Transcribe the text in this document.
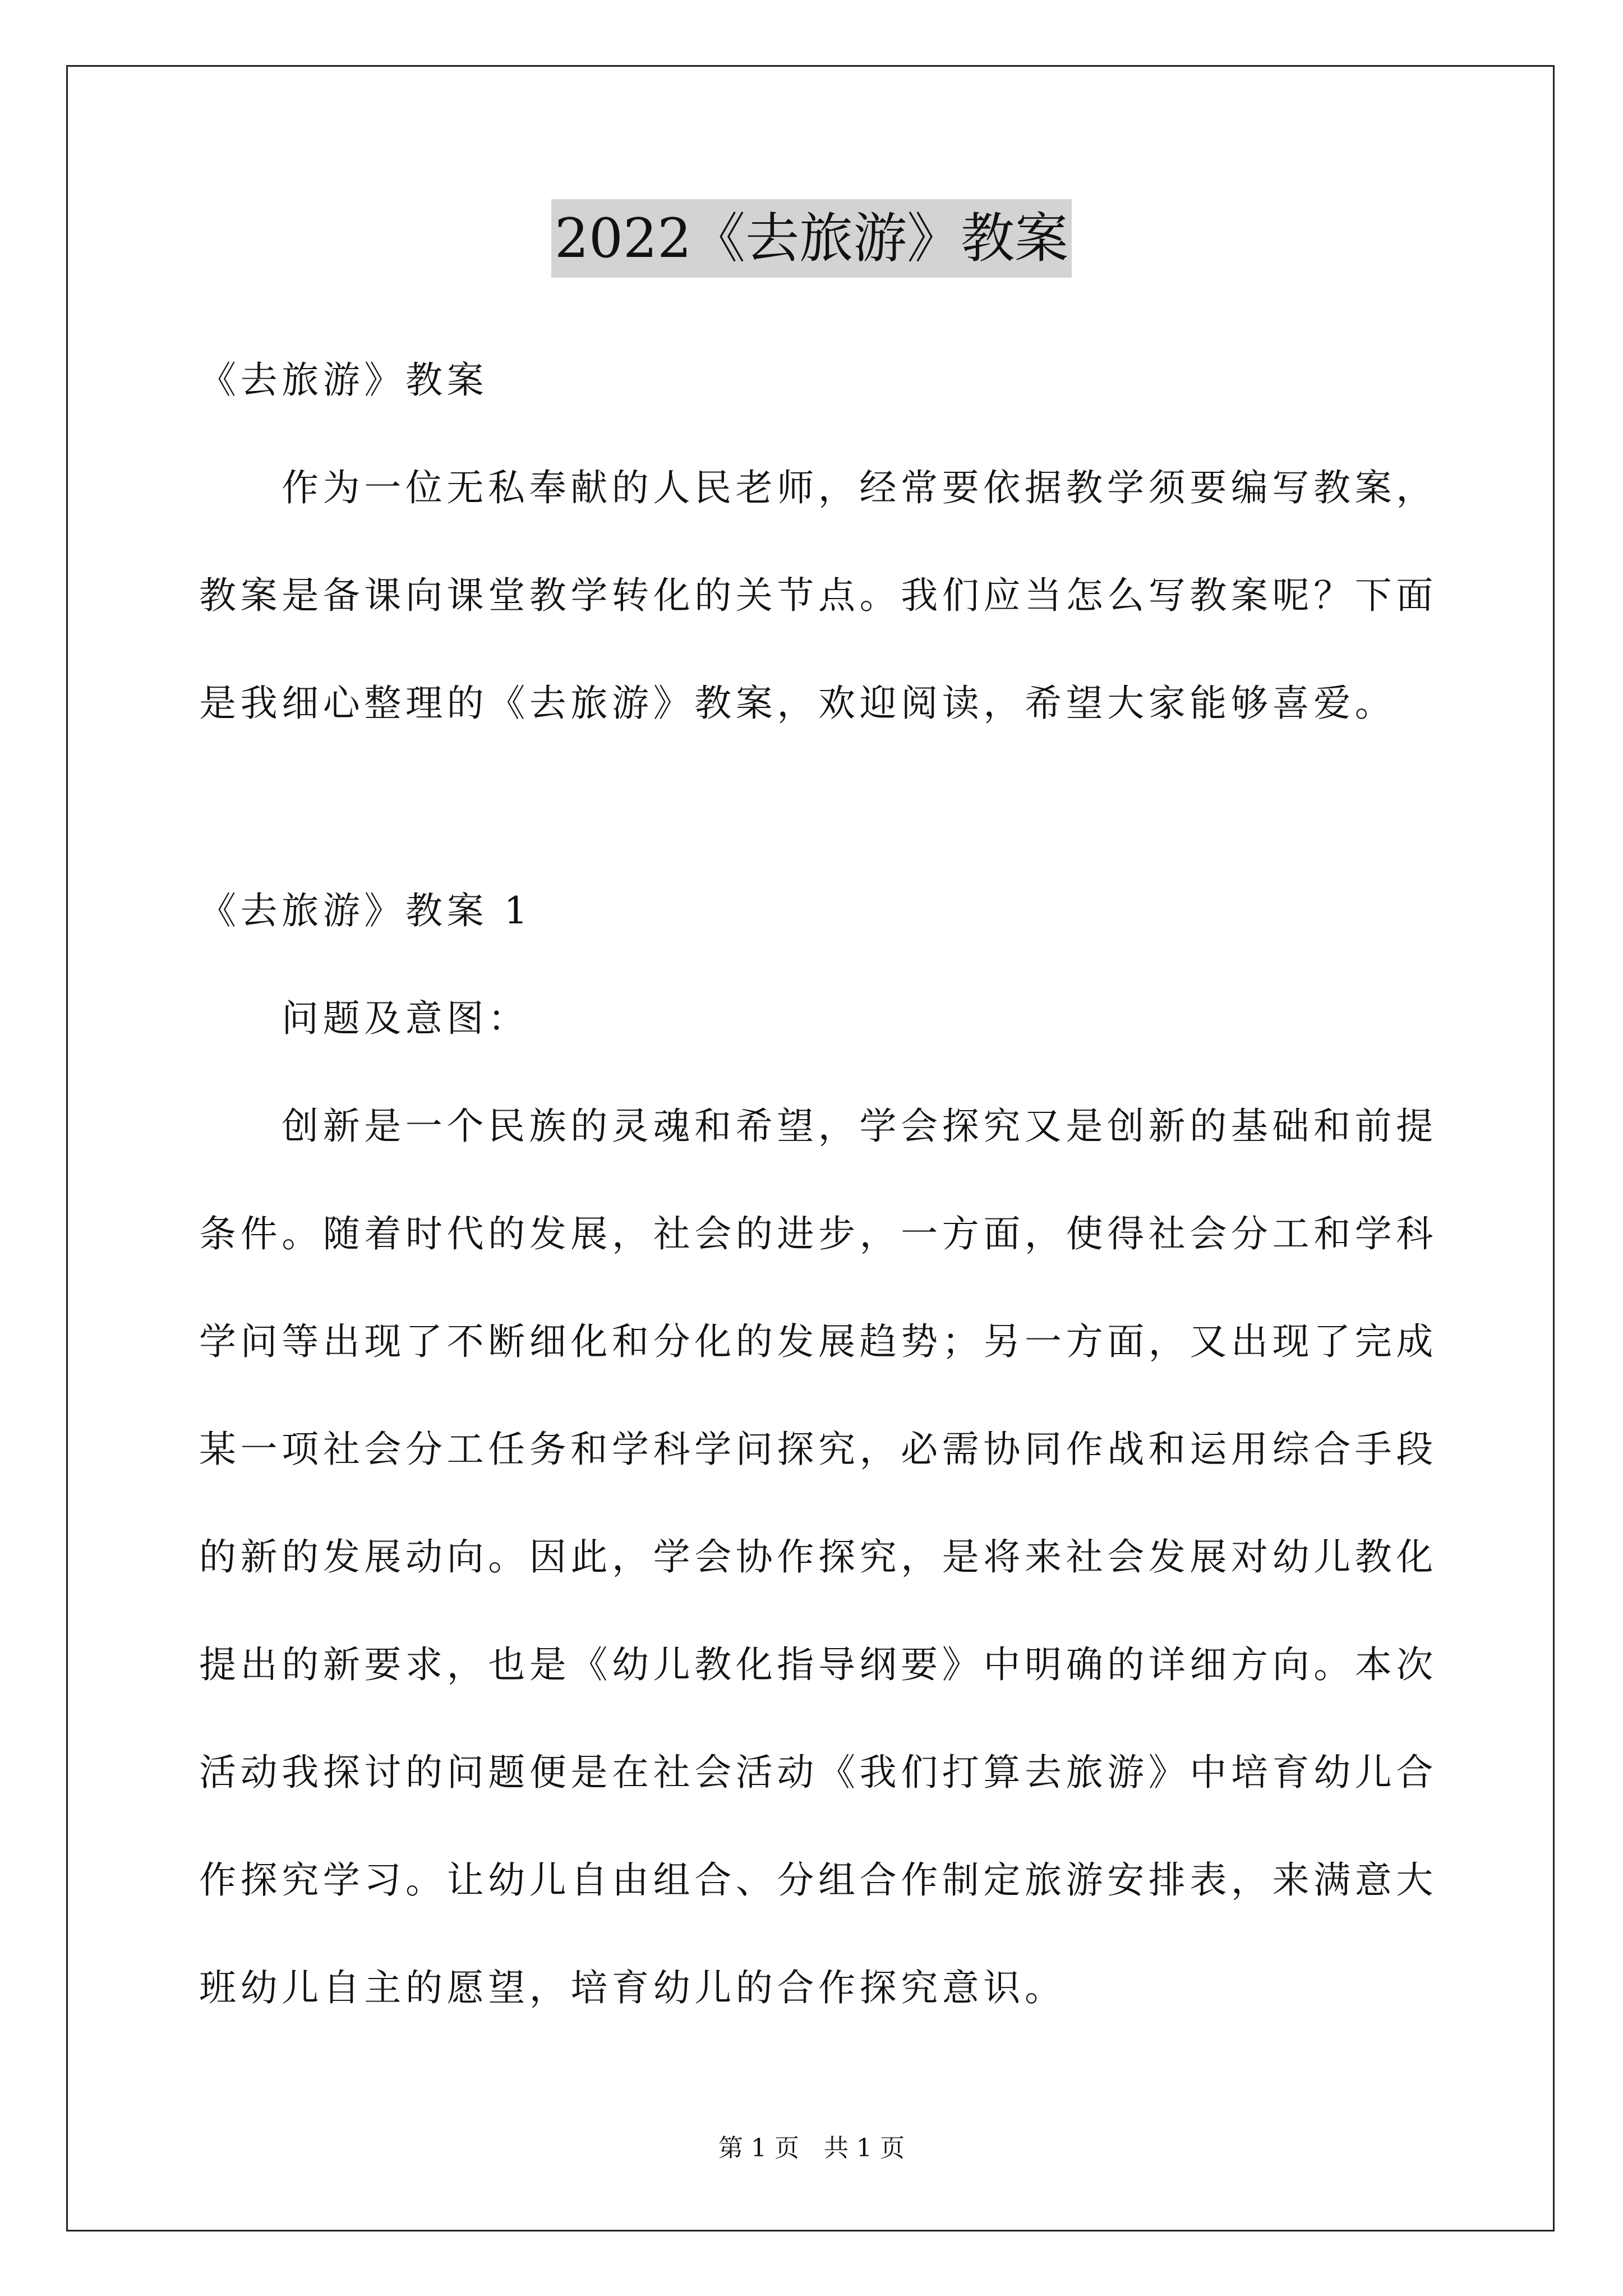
2022《去旅游》教案
《去旅游》教案
作为一位无私奉献的人民老师，经常要依据教学须要编写教案，
教案是备课向课堂教学转化的关节点。我们应当怎么写教案呢？下面
是我细心整理的《去旅游》教案，欢迎阅读，希望大家能够喜爱。
《去旅游》教案 1
问题及意图：
创新是一个民族的灵魂和希望，学会探究又是创新的基础和前提
条件。随着时代的发展，社会的进步，一方面，使得社会分工和学科
学问等出现了不断细化和分化的发展趋势；另一方面，又出现了完成
某一项社会分工任务和学科学问探究，必需协同作战和运用综合手段
的新的发展动向。因此，学会协作探究，是将来社会发展对幼儿教化
提出的新要求，也是《幼儿教化指导纲要》中明确的详细方向。本次
活动我探讨的问题便是在社会活动《我们打算去旅游》中培育幼儿合
作探究学习。让幼儿自由组合、分组合作制定旅游安排表，来满意大
班幼儿自主的愿望，培育幼儿的合作探究意识。
第 1 页　共 1 页
